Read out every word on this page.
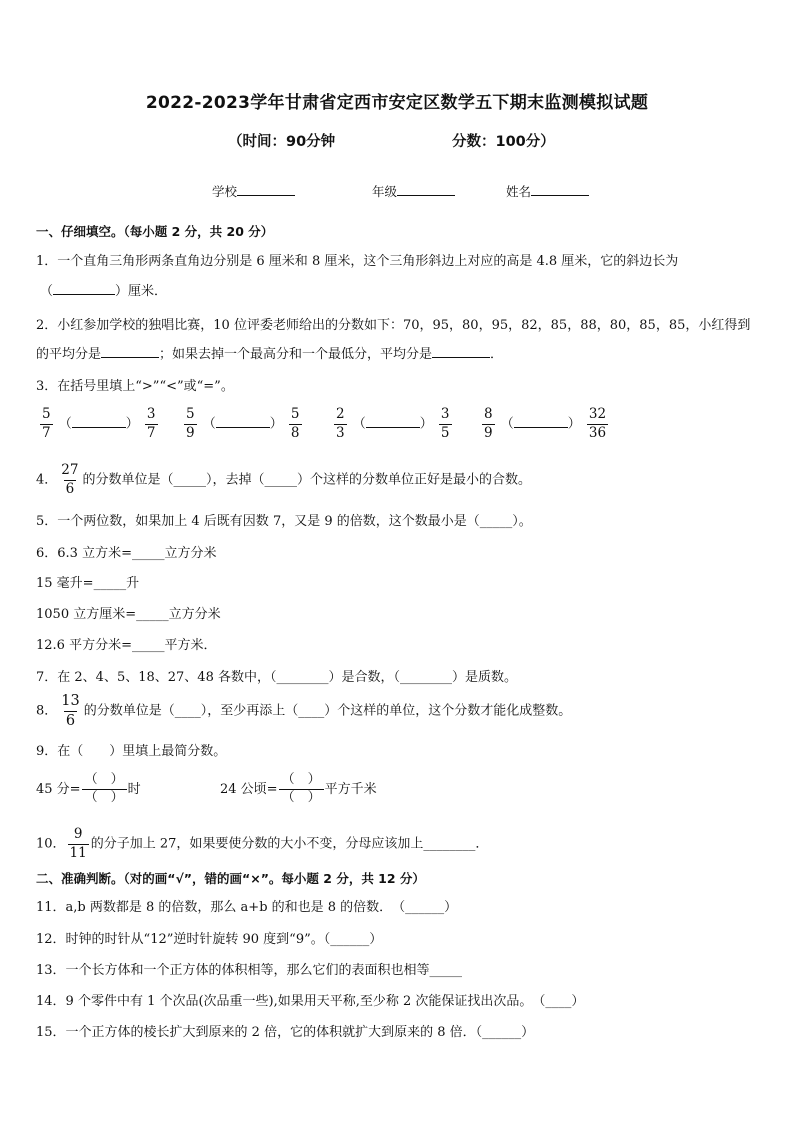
2022-2023学年甘肃省定西市安定区数学五下期末监测模拟试题
（时间：90分钟	分数：100分）
学校	年级	姓名
一、仔细填空。（每小题 2 分，共 20 分）
1．一个直角三角形两条直角边分别是 6 厘米和 8 厘米，这个三角形斜边上对应的高是 4.8 厘米，它的斜边长为
（	）厘米．
2．小红参加学校的独唱比赛，10 位评委老师给出的分数如下：70，95，80，95，82，85，88，80，85，85，小红得到
的平均分是	；如果去掉一个最高分和一个最低分，平均分是	．
3．在括号里填上“>”“<”或“=”。
$\frac{5}{7}$ （	） $\frac{3}{7} \frac{5}{9}$ （	） $\frac{5}{8} \frac{2}{3}$ （	） $\frac{3}{5} \frac{8}{9}$ （	） $\frac{32}{36}$
4． $\frac{27}{6}$ 的分数单位是（_____），去掉（_____）个这样的分数单位正好是最小的合数。
5．一个两位数，如果加上 4 后既有因数 7，又是 9 的倍数，这个数最小是（_____）。
6．6.3 立方米=_____立方分米
15 毫升=_____升
1050 立方厘米=_____立方分米
12.6 平方分米=_____平方米．
7．在 2、4、5、18、27、48 各数中，（________）是合数，（________）是质数。
8． $\frac{13}{6}$ 的分数单位是（____），至少再添上（____）个这样的单位，这个分数才能化成整数。
9．在（　　）里填上最简分数。
45 分=
（　）
（　）
时	24 公顷=
（　）
（　）
平方千米
10． $\frac{9}{11}$ 的分子加上 27，如果要使分数的大小不变，分母应该加上________．
二、准确判断。（对的画“√”，错的画“×”。每小题 2 分，共 12 分）
11．a,b 两数都是 8 的倍数，那么 a+b 的和也是 8 的倍数．　（______）
12．时钟的时针从“12”逆时针旋转 90 度到“9”。（______）
13．一个长方体和一个正方体的体积相等，那么它们的表面积也相等_____
14．9 个零件中有 1 个次品(次品重一些),如果用天平称,至少称 2 次能保证找出次品。　（____）
15．一个正方体的棱长扩大到原来的 2 倍，它的体积就扩大到原来的 8 倍．（______）
